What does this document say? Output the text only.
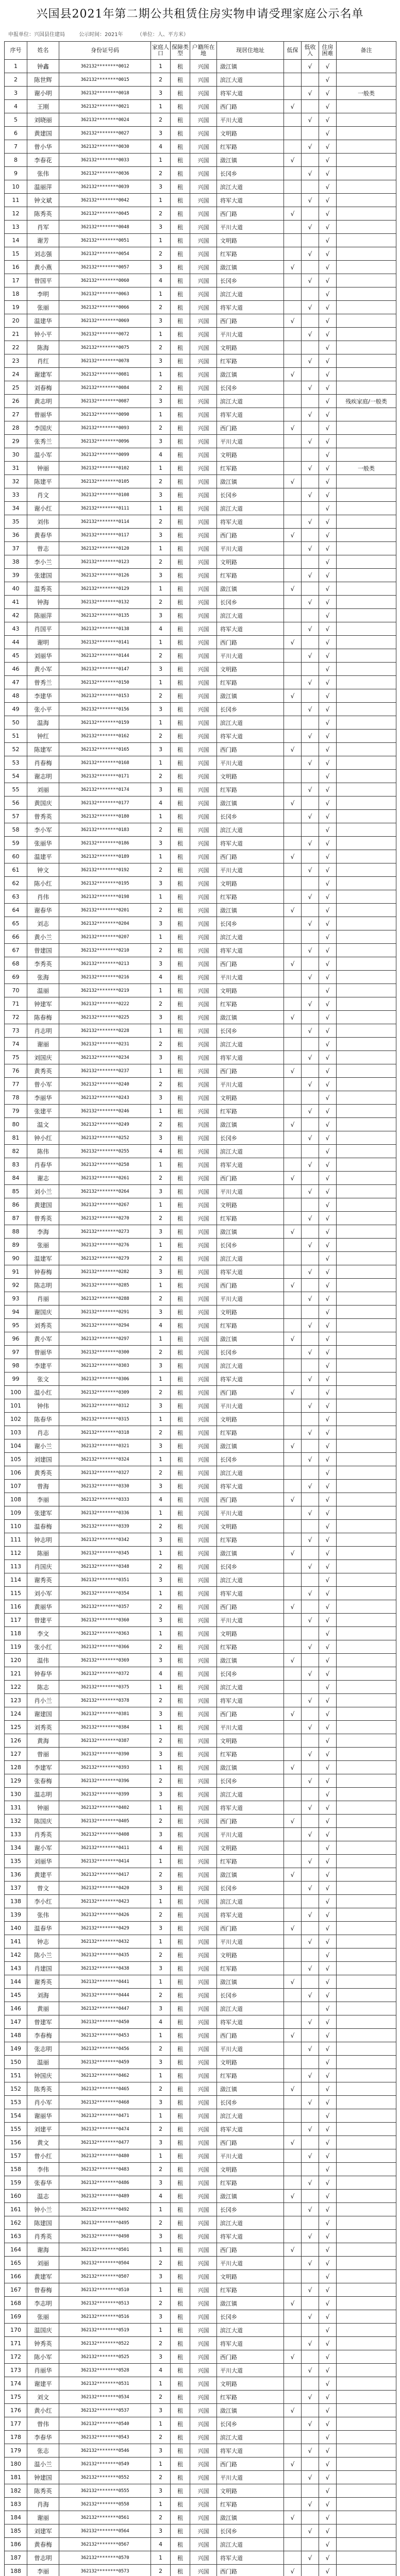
兴国县2021年第二期公共租赁住房实物申请受理家庭公示名单
申报单位：兴国县住建局	公示时间：2021年	（单位：人、平方米）
序号	姓名	身份证号码	家庭人口	保障类型	户籍所在地	现居住地址	低保	低收入	住房困难	备注
1	钟鑫	362132********0012	1	租	兴国	潋江镇		√	√	
2	陈世辉	362132********0015	2	租	兴国	滨江大道			√	
3	谢小明	362132********0018	3	租	兴国	将军大道		√	√	一般类
4	王刚	362132********0021	1	租	兴国	西门路	√		√	
5	刘晓丽	362132********0024	2	租	兴国	平川大道		√	√	
6	黄建国	362132********0027	3	租	兴国	文明路			√	
7	曾小华	362132********0030	4	租	兴国	红军路		√	√	
8	李春花	362132********0033	1	租	兴国	潋江镇	√		√	
9	张伟	362132********0036	2	租	兴国	长冈乡		√	√	
10	温丽萍	362132********0039	3	租	兴国	滨江大道			√	
11	钟文斌	362132********0042	1	租	兴国	将军大道		√	√	
12	陈秀英	362132********0045	2	租	兴国	西门路	√		√	
13	肖军	362132********0048	3	租	兴国	平川大道		√	√	
14	谢芳	362132********0051	1	租	兴国	文明路			√	
15	刘志强	362132********0054	2	租	兴国	红军路		√	√	
16	黄小燕	362132********0057	3	租	兴国	潋江镇	√		√	
17	曾国平	362132********0060	4	租	兴国	长冈乡		√	√	
18	李明	362132********0063	1	租	兴国	滨江大道			√	
19	张丽	362132********0066	2	租	兴国	将军大道		√	√	
20	温建华	362132********0069	3	租	兴国	西门路	√		√	
21	钟小平	362132********0072	1	租	兴国	平川大道		√	√	
22	陈海	362132********0075	2	租	兴国	文明路			√	
23	肖红	362132********0078	3	租	兴国	红军路		√	√	
24	谢建军	362132********0081	1	租	兴国	潋江镇	√		√	
25	刘春梅	362132********0084	2	租	兴国	长冈乡		√	√	
26	黄志明	362132********0087	3	租	兴国	滨江大道			√	残疾家庭/一般类
27	曾丽华	362132********0090	1	租	兴国	将军大道		√	√	
28	李国庆	362132********0093	2	租	兴国	西门路	√		√	
29	张秀兰	362132********0096	3	租	兴国	平川大道		√	√	
30	温小军	362132********0099	4	租	兴国	文明路			√	
31	钟丽	362132********0102	1	租	兴国	红军路		√	√	一般类
32	陈建平	362132********0105	2	租	兴国	潋江镇	√		√	
33	肖文	362132********0108	3	租	兴国	长冈乡		√	√	
34	谢小红	362132********0111	1	租	兴国	滨江大道			√	
35	刘伟	362132********0114	2	租	兴国	将军大道		√	√	
36	黄春华	362132********0117	3	租	兴国	西门路	√		√	
37	曾志	362132********0120	1	租	兴国	平川大道		√	√	
38	李小兰	362132********0123	2	租	兴国	文明路			√	
39	张建国	362132********0126	3	租	兴国	红军路		√	√	
40	温秀英	362132********0129	1	租	兴国	潋江镇	√		√	
41	钟海	362132********0132	2	租	兴国	长冈乡		√	√	
42	陈丽萍	362132********0135	3	租	兴国	滨江大道			√	
43	肖国平	362132********0138	4	租	兴国	将军大道		√	√	
44	谢明	362132********0141	1	租	兴国	西门路	√		√	
45	刘丽华	362132********0144	2	租	兴国	平川大道		√	√	
46	黄小军	362132********0147	3	租	兴国	文明路			√	
47	曾秀兰	362132********0150	1	租	兴国	红军路		√	√	
48	李建华	362132********0153	2	租	兴国	潋江镇	√		√	
49	张小平	362132********0156	3	租	兴国	长冈乡		√	√	
50	温海	362132********0159	1	租	兴国	滨江大道			√	
51	钟红	362132********0162	2	租	兴国	将军大道		√	√	
52	陈建军	362132********0165	3	租	兴国	西门路	√		√	
53	肖春梅	362132********0168	1	租	兴国	平川大道		√	√	
54	谢志明	362132********0171	2	租	兴国	文明路			√	
55	刘丽	362132********0174	3	租	兴国	红军路		√	√	
56	黄国庆	362132********0177	4	租	兴国	潋江镇	√		√	
57	曾秀英	362132********0180	1	租	兴国	长冈乡		√	√	
58	李小军	362132********0183	2	租	兴国	滨江大道			√	
59	张丽华	362132********0186	3	租	兴国	将军大道		√	√	
60	温建平	362132********0189	1	租	兴国	西门路	√		√	
61	钟文	362132********0192	2	租	兴国	平川大道		√	√	
62	陈小红	362132********0195	3	租	兴国	文明路			√	
63	肖伟	362132********0198	1	租	兴国	红军路		√	√	
64	谢春华	362132********0201	2	租	兴国	潋江镇	√		√	
65	刘志	362132********0204	3	租	兴国	长冈乡		√	√	
66	黄小兰	362132********0207	1	租	兴国	滨江大道			√	
67	曾建国	362132********0210	2	租	兴国	将军大道		√	√	
68	李秀英	362132********0213	3	租	兴国	西门路	√		√	
69	张海	362132********0216	4	租	兴国	平川大道		√	√	
70	温丽	362132********0219	1	租	兴国	文明路			√	
71	钟建军	362132********0222	2	租	兴国	红军路		√	√	
72	陈春梅	362132********0225	3	租	兴国	潋江镇	√		√	
73	肖志明	362132********0228	1	租	兴国	长冈乡		√	√	
74	谢丽	362132********0231	2	租	兴国	滨江大道			√	
75	刘国庆	362132********0234	3	租	兴国	将军大道		√	√	
76	黄秀英	362132********0237	1	租	兴国	西门路	√		√	
77	曾小军	362132********0240	2	租	兴国	平川大道		√	√	
78	李丽华	362132********0243	3	租	兴国	文明路			√	
79	张建平	362132********0246	1	租	兴国	红军路		√	√	
80	温文	362132********0249	2	租	兴国	潋江镇	√		√	
81	钟小红	362132********0252	3	租	兴国	长冈乡		√	√	
82	陈伟	362132********0255	4	租	兴国	滨江大道			√	
83	肖春华	362132********0258	1	租	兴国	将军大道		√	√	
84	谢志	362132********0261	2	租	兴国	西门路	√		√	
85	刘小兰	362132********0264	3	租	兴国	平川大道		√	√	
86	黄建国	362132********0267	1	租	兴国	文明路			√	
87	曾秀英	362132********0270	2	租	兴国	红军路		√	√	
88	李海	362132********0273	3	租	兴国	潋江镇	√		√	
89	张丽	362132********0276	1	租	兴国	长冈乡		√	√	
90	温建军	362132********0279	2	租	兴国	滨江大道			√	
91	钟春梅	362132********0282	3	租	兴国	将军大道		√	√	
92	陈志明	362132********0285	1	租	兴国	西门路	√		√	
93	肖丽	362132********0288	2	租	兴国	平川大道		√	√	
94	谢国庆	362132********0291	3	租	兴国	文明路			√	
95	刘秀英	362132********0294	4	租	兴国	红军路		√	√	
96	黄小军	362132********0297	1	租	兴国	潋江镇	√		√	
97	曾丽华	362132********0300	2	租	兴国	长冈乡		√	√	
98	李建平	362132********0303	3	租	兴国	滨江大道			√	
99	张文	362132********0306	1	租	兴国	将军大道		√	√	
100	温小红	362132********0309	2	租	兴国	西门路	√		√	
101	钟伟	362132********0312	3	租	兴国	平川大道		√	√	
102	陈春华	362132********0315	1	租	兴国	文明路			√	
103	肖志	362132********0318	2	租	兴国	红军路		√	√	
104	谢小兰	362132********0321	3	租	兴国	潋江镇	√		√	
105	刘建国	362132********0324	1	租	兴国	长冈乡		√	√	
106	黄秀英	362132********0327	2	租	兴国	滨江大道			√	
107	曾海	362132********0330	3	租	兴国	将军大道		√	√	
108	李丽	362132********0333	4	租	兴国	西门路	√		√	
109	张建军	362132********0336	1	租	兴国	平川大道		√	√	
110	温春梅	362132********0339	2	租	兴国	文明路			√	
111	钟志明	362132********0342	3	租	兴国	红军路		√	√	
112	陈丽	362132********0345	1	租	兴国	潋江镇	√		√	
113	肖国庆	362132********0348	2	租	兴国	长冈乡		√	√	
114	谢秀英	362132********0351	3	租	兴国	滨江大道			√	
115	刘小军	362132********0354	1	租	兴国	将军大道		√	√	
116	黄丽华	362132********0357	2	租	兴国	西门路	√		√	
117	曾建平	362132********0360	3	租	兴国	平川大道		√	√	
118	李文	362132********0363	1	租	兴国	文明路			√	
119	张小红	362132********0366	2	租	兴国	红军路		√	√	
120	温伟	362132********0369	3	租	兴国	潋江镇	√		√	
121	钟春华	362132********0372	4	租	兴国	长冈乡		√	√	
122	陈志	362132********0375	1	租	兴国	滨江大道			√	
123	肖小兰	362132********0378	2	租	兴国	将军大道		√	√	
124	谢建国	362132********0381	3	租	兴国	西门路	√		√	
125	刘秀英	362132********0384	1	租	兴国	平川大道		√	√	
126	黄海	362132********0387	2	租	兴国	文明路			√	
127	曾丽	362132********0390	3	租	兴国	红军路		√	√	
128	李建军	362132********0393	1	租	兴国	潋江镇	√		√	
129	张春梅	362132********0396	2	租	兴国	长冈乡		√	√	
130	温志明	362132********0399	3	租	兴国	滨江大道			√	
131	钟丽	362132********0402	1	租	兴国	将军大道		√	√	
132	陈国庆	362132********0405	2	租	兴国	西门路	√		√	
133	肖秀英	362132********0408	3	租	兴国	平川大道		√	√	
134	谢小军	362132********0411	4	租	兴国	文明路			√	
135	刘丽华	362132********0414	1	租	兴国	红军路		√	√	
136	黄建平	362132********0417	2	租	兴国	潋江镇	√		√	
137	曾文	362132********0420	3	租	兴国	长冈乡		√	√	
138	李小红	362132********0423	1	租	兴国	滨江大道			√	
139	张伟	362132********0426	2	租	兴国	将军大道		√	√	
140	温春华	362132********0429	3	租	兴国	西门路	√		√	
141	钟志	362132********0432	1	租	兴国	平川大道		√	√	
142	陈小兰	362132********0435	2	租	兴国	文明路			√	
143	肖建国	362132********0438	3	租	兴国	红军路		√	√	
144	谢秀英	362132********0441	1	租	兴国	潋江镇	√		√	
145	刘海	362132********0444	2	租	兴国	长冈乡		√	√	
146	黄丽	362132********0447	3	租	兴国	滨江大道			√	
147	曾建军	362132********0450	4	租	兴国	将军大道		√	√	
148	李春梅	362132********0453	1	租	兴国	西门路	√		√	
149	张志明	362132********0456	2	租	兴国	平川大道		√	√	
150	温丽	362132********0459	3	租	兴国	文明路			√	
151	钟国庆	362132********0462	1	租	兴国	红军路		√	√	
152	陈秀英	362132********0465	2	租	兴国	潋江镇	√		√	
153	肖小军	362132********0468	3	租	兴国	长冈乡		√	√	
154	谢丽华	362132********0471	1	租	兴国	滨江大道			√	
155	刘建平	362132********0474	2	租	兴国	将军大道		√	√	
156	黄文	362132********0477	3	租	兴国	西门路	√		√	
157	曾小红	362132********0480	1	租	兴国	平川大道		√	√	
158	李伟	362132********0483	2	租	兴国	文明路			√	
159	张春华	362132********0486	3	租	兴国	红军路		√	√	
160	温志	362132********0489	4	租	兴国	潋江镇	√		√	
161	钟小兰	362132********0492	1	租	兴国	长冈乡		√	√	
162	陈建国	362132********0495	2	租	兴国	滨江大道			√	
163	肖秀英	362132********0498	3	租	兴国	将军大道		√	√	
164	谢海	362132********0501	1	租	兴国	西门路	√		√	
165	刘丽	362132********0504	2	租	兴国	平川大道		√	√	
166	黄建军	362132********0507	3	租	兴国	文明路			√	
167	曾春梅	362132********0510	1	租	兴国	红军路		√	√	
168	李志明	362132********0513	2	租	兴国	潋江镇	√		√	
169	张丽	362132********0516	3	租	兴国	长冈乡		√	√	
170	温国庆	362132********0519	1	租	兴国	滨江大道			√	
171	钟秀英	362132********0522	2	租	兴国	将军大道		√	√	
172	陈小军	362132********0525	3	租	兴国	西门路	√		√	
173	肖丽华	362132********0528	4	租	兴国	平川大道		√	√	
174	谢建平	362132********0531	1	租	兴国	文明路			√	
175	刘文	362132********0534	2	租	兴国	红军路		√	√	
176	黄小红	362132********0537	3	租	兴国	潋江镇	√		√	
177	曾伟	362132********0540	1	租	兴国	长冈乡		√	√	
178	李春华	362132********0543	2	租	兴国	滨江大道			√	
179	张志	362132********0546	3	租	兴国	将军大道		√	√	
180	温小兰	362132********0549	1	租	兴国	西门路	√		√	
181	钟建国	362132********0552	2	租	兴国	平川大道		√	√	
182	陈秀英	362132********0555	3	租	兴国	文明路			√	
183	肖海	362132********0558	1	租	兴国	红军路		√	√	
184	谢丽	362132********0561	2	租	兴国	潋江镇	√		√	
185	刘建军	362132********0564	3	租	兴国	长冈乡		√	√	
186	黄春梅	362132********0567	4	租	兴国	滨江大道			√	
187	曾志明	362132********0570	1	租	兴国	将军大道		√	√	
188	李丽	362132********0573	2	租	兴国	西门路	√		√	
